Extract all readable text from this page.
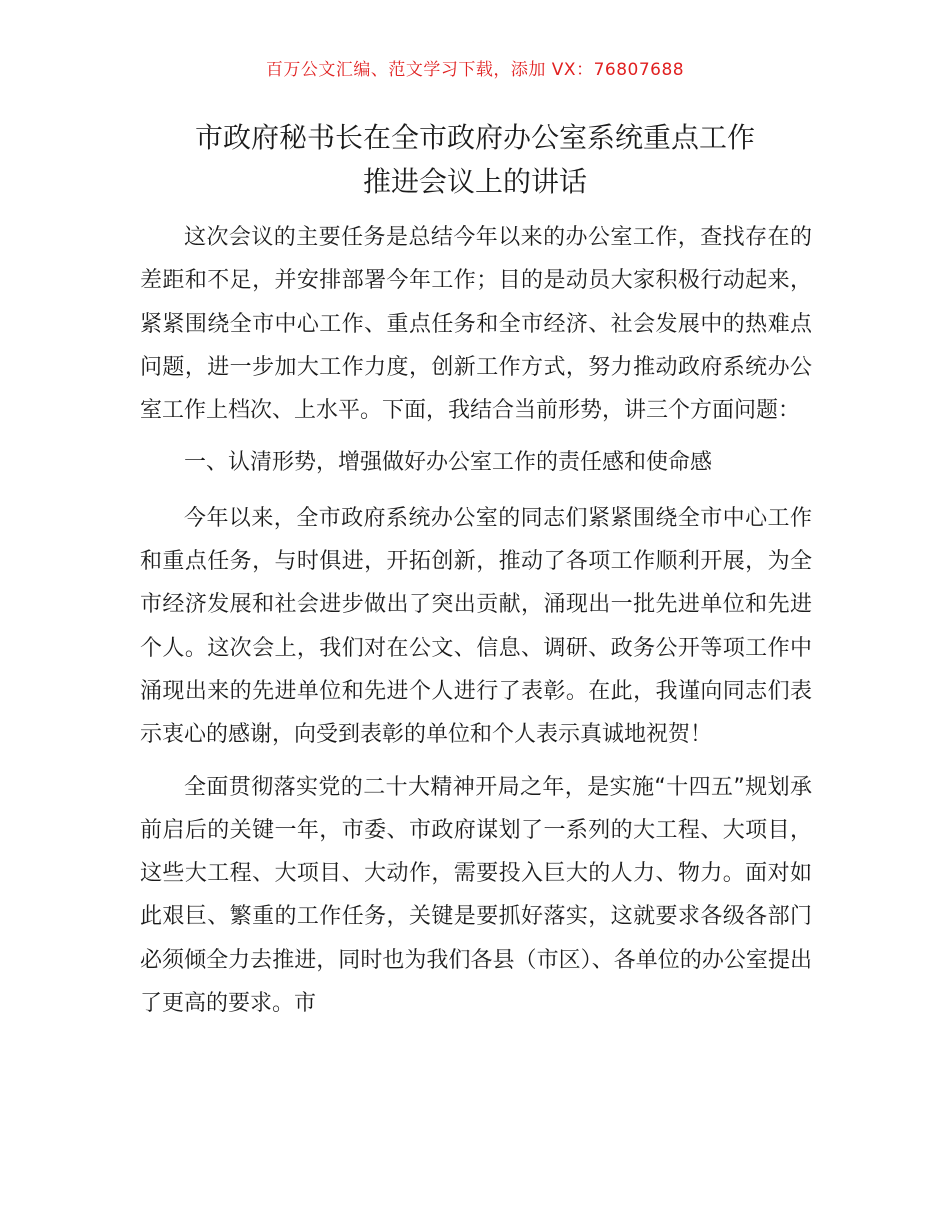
百万公文汇编、范文学习下载，添加 VX：76807688
市政府秘书长在全市政府办公室系统重点工作
推进会议上的讲话

这次会议的主要任务是总结今年以来的办公室工作，查找存在的差距和不足，并安排部署今年工作；目的是动员大家积极行动起来，紧紧围绕全市中心工作、重点任务和全市经济、社会发展中的热难点问题，进一步加大工作力度，创新工作方式，努力推动政府系统办公室工作上档次、上水平。下面，我结合当前形势，讲三个方面问题：

一、认清形势，增强做好办公室工作的责任感和使命感

今年以来，全市政府系统办公室的同志们紧紧围绕全市中心工作和重点任务，与时俱进，开拓创新，推动了各项工作顺利开展，为全市经济发展和社会进步做出了突出贡献，涌现出一批先进单位和先进个人。这次会上，我们对在公文、信息、调研、政务公开等项工作中涌现出来的先进单位和先进个人进行了表彰。在此，我谨向同志们表示衷心的感谢，向受到表彰的单位和个人表示真诚地祝贺！

全面贯彻落实党的二十大精神开局之年，是实施“十四五”规划承前启后的关键一年，市委、市政府谋划了一系列的大工程、大项目，这些大工程、大项目、大动作，需要投入巨大的人力、物力。面对如此艰巨、繁重的工作任务，关键是要抓好落实，这就要求各级各部门必须倾全力去推进，同时也为我们各县（市区）、各单位的办公室提出了更高的要求。市
